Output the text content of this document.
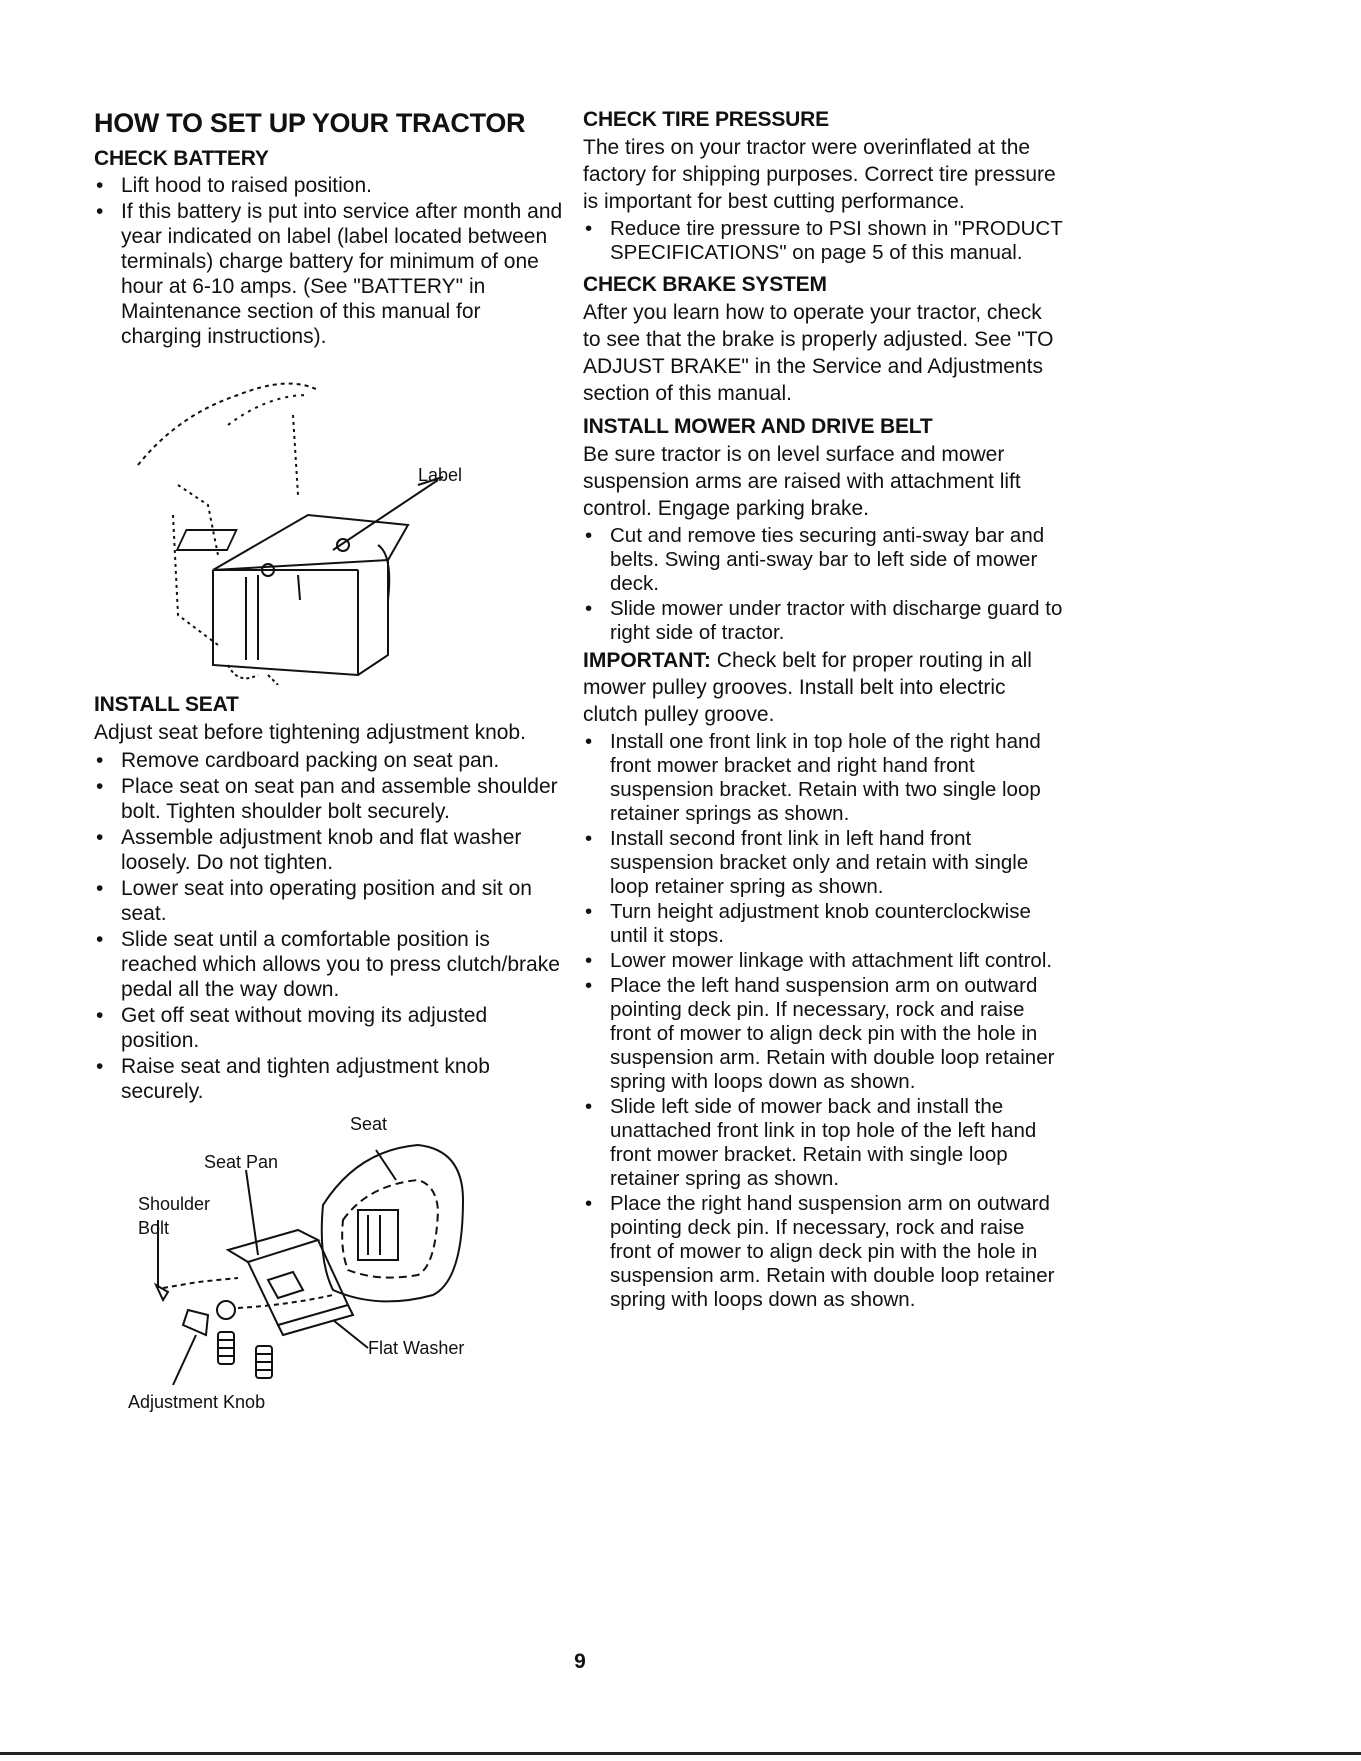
HOW TO SET UP YOUR TRACTOR
CHECK BATTERY
• Lift hood to raised position.
• If this battery is put into service after month and year indicated on label (label located between terminals) charge battery for minimum of one hour at 6-10 amps. (See "BATTERY" in Maintenance section of this manual for charging instructions).
Label
INSTALL SEAT

Adjust seat before tightening adjustment knob.

• Remove cardboard packing on seat pan.
• Place seat on seat pan and assemble shoulder bolt. Tighten shoulder bolt securely.
• Assemble adjustment knob and flat washer loosely. Do not tighten.
• Lower seat into operating position and sit on seat.
• Slide seat until a comfortable position is reached which allows you to press clutch/brake pedal all the way down.
• Get off seat without moving its adjusted position.
• Raise seat and tighten adjustment knob securely.
Seat
Seat Pan
Shoulder Bolt
Flat Washer
Adjustment Knob
CHECK TIRE PRESSURE

The tires on your tractor were overinflated at the factory for shipping purposes. Correct tire pressure is important for best cutting performance.

• Reduce tire pressure to PSI shown in "PRODUCT SPECIFICATIONS" on page 5 of this manual.
CHECK BRAKE SYSTEM

After you learn how to operate your tractor, check to see that the brake is properly adjusted. See "TO ADJUST BRAKE" in the Service and Adjustments section of this manual.

INSTALL MOWER AND DRIVE BELT

Be sure tractor is on level surface and mower suspension arms are raised with attachment lift control. Engage parking brake.

• Cut and remove ties securing anti-sway bar and belts. Swing anti-sway bar to left side of mower deck.
• Slide mower under tractor with discharge guard to right side of tractor.

IMPORTANT: Check belt for proper routing in all mower pulley grooves. Install belt into electric clutch pulley groove.

• Install one front link in top hole of the right hand front mower bracket and right hand front suspension bracket. Retain with two single loop retainer springs as shown.
• Install second front link in left hand front suspension bracket only and retain with single loop retainer spring as shown.
• Turn height adjustment knob counterclockwise until it stops.
• Lower mower linkage with attachment lift control.
• Place the left hand suspension arm on outward pointing deck pin. If necessary, rock and raise front of mower to align deck pin with the hole in suspension arm. Retain with double loop retainer spring with loops down as shown.
• Slide left side of mower back and install the unattached front link in top hole of the left hand front mower bracket. Retain with single loop retainer spring as shown.
• Place the right hand suspension arm on outward pointing deck pin. If necessary, rock and raise front of mower to align deck pin with the hole in suspension arm. Retain with double loop retainer spring with loops down as shown.
9
